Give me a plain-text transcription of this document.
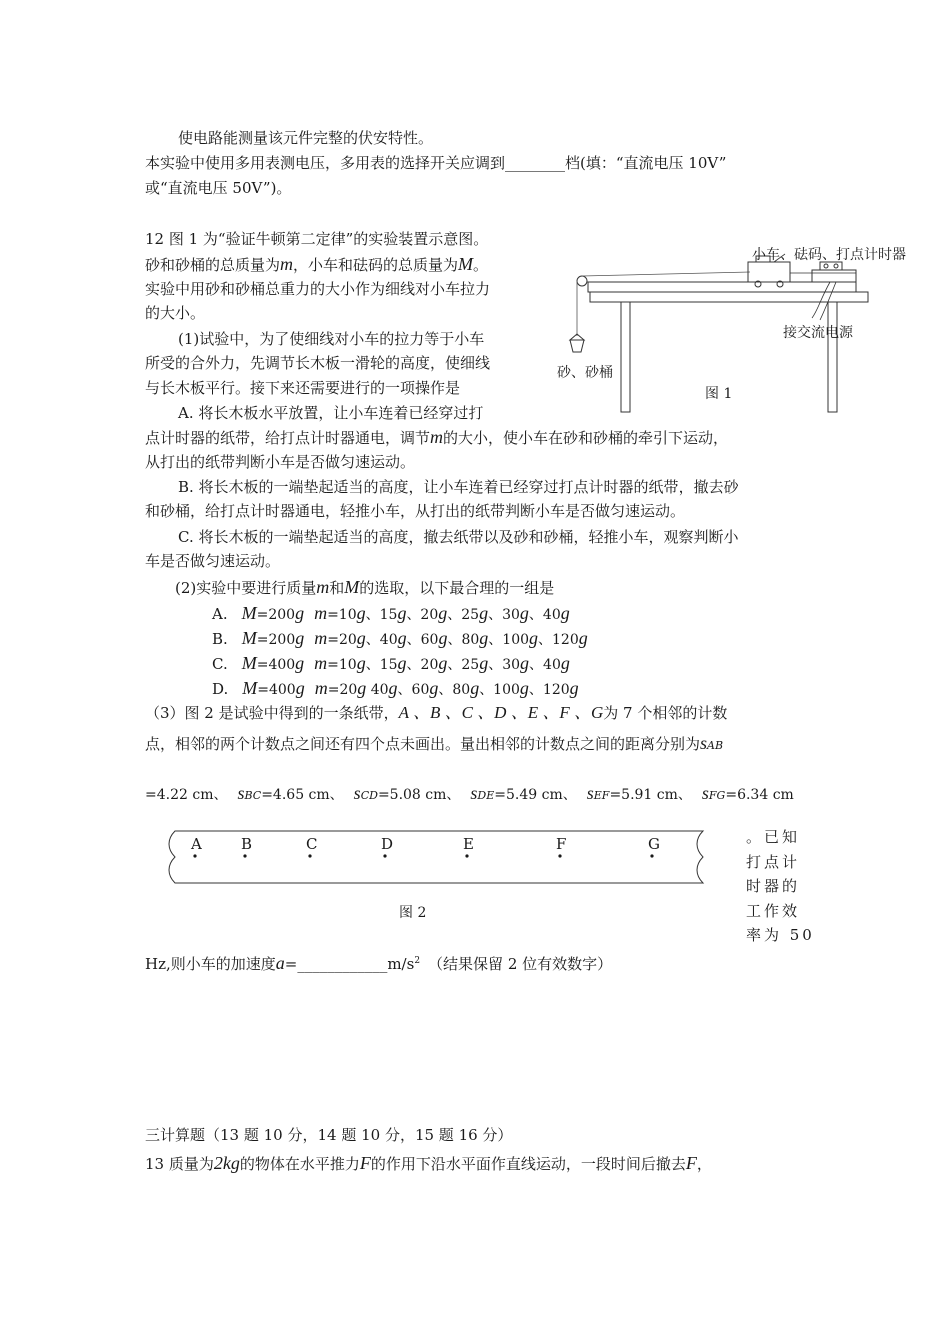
使电路能测量该元件完整的伏安特性。
本实验中使用多用表测电压，多用表的选择开关应调到________档(填：“直流电压 10V”
或“直流电压 50V”)。
12 图 1 为“验证牛顿第二定律”的实验装置示意图。
砂和砂桶的总质量为m，小车和砝码的总质量为M。
实验中用砂和砂桶总重力的大小作为细线对小车拉力
的大小。
(1)试验中，为了使细线对小车的拉力等于小车
所受的合外力，先调节长木板一滑轮的高度，使细线
与长木板平行。接下来还需要进行的一项操作是
A. 将长木板水平放置，让小车连着已经穿过打
点计时器的纸带，给打点计时器通电，调节m的大小，使小车在砂和砂桶的牵引下运动，
从打出的纸带判断小车是否做匀速运动。
B. 将长木板的一端垫起适当的高度，让小车连着已经穿过打点计时器的纸带，撤去砂
和砂桶，给打点计时器通电，轻推小车，从打出的纸带判断小车是否做匀速运动。
C. 将长木板的一端垫起适当的高度，撤去纸带以及砂和砂桶，轻推小车，观察判断小
车是否做匀速运动。
(2)实验中要进行质量m和M的选取，以下最合理的一组是
A. M=200g m=10g、15g、20g、25g、30g、40g
B. M=200g m=20g、40g、60g、80g、100g、120g
C. M=400g m=10g、15g、20g、25g、30g、40g
D. M=400g m=20g 40g、60g、80g、100g、120g
（3）图 2 是试验中得到的一条纸带，A 、B 、C 、D 、E 、F 、G为 7 个相邻的计数
点，相邻的两个计数点之间还有四个点未画出。量出相邻的计数点之间的距离分别为sAB
=4.22 cm、 sBC=4.65 cm、 sCD=5.08 cm、 sDE=5.49 cm、 sEF=5.91 cm、 sFG=6.34 cm
小车、砝码、打点计时器
接交流电源
砂、砂桶
图 1
A	B	C	D	E	F	G
图 2
。已知
打点计
时器的
工作效
率为 50
Hz,则小车的加速度$a=\_\_\_\_\_\_\_\_\_\_\_\_m/s^2$ （结果保留 2 位有效数字）
三计算题（13 题 10 分，14 题 10 分，15 题 16 分）
13 质量为2kg的物体在水平推力F的作用下沿水平面作直线运动，一段时间后撤去F，
